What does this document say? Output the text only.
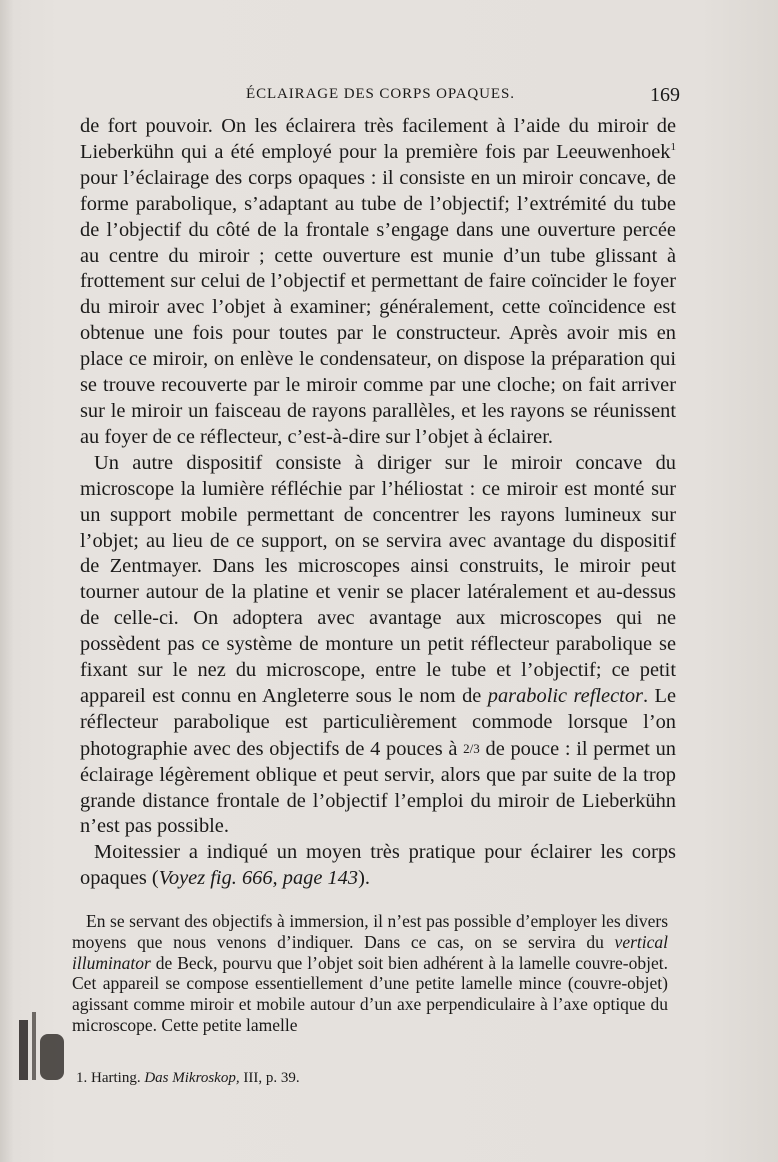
ÉCLAIRAGE DES CORPS OPAQUES.	169

de fort pouvoir. On les éclairera très facilement à l’aide du miroir de Lieberkühn qui a été employé pour la première fois par Leeuwenhoek$^1$ pour l’éclairage des corps opaques : il consiste en un miroir concave, de forme parabolique, s’adaptant au tube de l’objectif; l’extrémité du tube de l’objectif du côté de la frontale s’engage dans une ouverture percée au centre du miroir ; cette ouverture est munie d’un tube glissant à frottement sur celui de l’objectif et permettant de faire coïncider le foyer du miroir avec l’objet à examiner; généralement, cette coïncidence est obtenue une fois pour toutes par le constructeur. Après avoir mis en place ce miroir, on enlève le condensateur, on dispose la préparation qui se trouve recouverte par le miroir comme par une cloche; on fait arriver sur le miroir un faisceau de rayons parallèles, et les rayons se réunissent au foyer de ce réflecteur, c’est-à-dire sur l’objet à éclairer.

Un autre dispositif consiste à diriger sur le miroir concave du microscope la lumière réfléchie par l’héliostat : ce miroir est monté sur un support mobile permettant de concentrer les rayons lumineux sur l’objet; au lieu de ce support, on se servira avec avantage du dispositif de Zentmayer. Dans les microscopes ainsi construits, le miroir peut tourner autour de la platine et venir se placer latéralement et au-dessus de celle-ci. On adoptera avec avantage aux microscopes qui ne possèdent pas ce système de monture un petit réflecteur parabolique se fixant sur le nez du microscope, entre le tube et l’objectif; ce petit appareil est connu en Angleterre sous le nom de parabolic reflector. Le réflecteur parabolique est particulièrement commode lorsque l’on photographie avec des objectifs de 4 pouces à 2/3 de pouce : il permet un éclairage légèrement oblique et peut servir, alors que par suite de la trop grande distance frontale de l’objectif l’emploi du miroir de Lieberkühn n’est pas possible.

Moitessier a indiqué un moyen très pratique pour éclairer les corps opaques (Voyez fig. 666, page 143).

En se servant des objectifs à immersion, il n’est pas possible d’employer les divers moyens que nous venons d’indiquer. Dans ce cas, on se servira du vertical illuminator de Beck, pourvu que l’objet soit bien adhérent à la lamelle couvre-objet. Cet appareil se compose essentiellement d’une petite lamelle mince (couvre-objet) agissant comme miroir et mobile autour d’un axe perpendiculaire à l’axe optique du microscope. Cette petite lamelle

1. Harting. Das Mikroskop, III, p. 39.
